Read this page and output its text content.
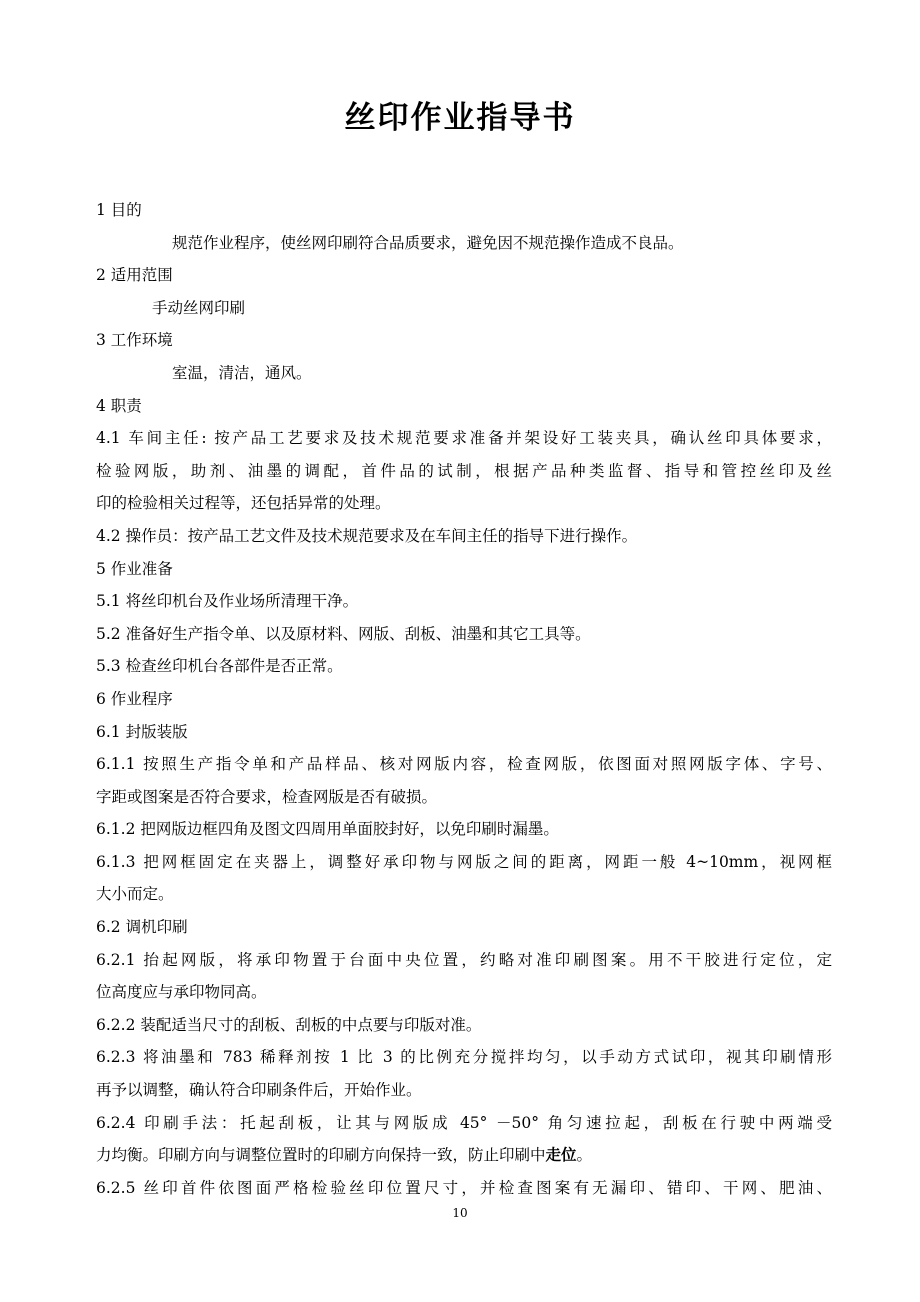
丝印作业指导书
1 目的
规范作业程序，使丝网印刷符合品质要求，避免因不规范操作造成不良品。
2 适用范围
手动丝网印刷
3 工作环境
室温，清洁，通风。
4 职责
4.1 车间主任: 按产品工艺要求及技术规范要求准备并架设好工装夹具，确认丝印具体要求，
检验网版，助剂、油墨的调配，首件品的试制，根据产品种类监督、指导和管控丝印及丝
印的检验相关过程等，还包括异常的处理。
4.2 操作员：按产品工艺文件及技术规范要求及在车间主任的指导下进行操作。
5 作业准备
5.1 将丝印机台及作业场所清理干净。
5.2 准备好生产指令单、以及原材料、网版、刮板、油墨和其它工具等。
5.3 检查丝印机台各部件是否正常。
6 作业程序
6.1 封版装版
6.1.1 按照生产指令单和产品样品、核对网版内容，检查网版，依图面对照网版字体、字号、
字距或图案是否符合要求，检查网版是否有破损。
6.1.2 把网版边框四角及图文四周用单面胶封好，以免印刷时漏墨。
6.1.3 把网框固定在夹器上，调整好承印物与网版之间的距离，网距一般 4~10mm，视网框
大小而定。
6.2 调机印刷
6.2.1 抬起网版，将承印物置于台面中央位置，约略对准印刷图案。用不干胶进行定位，定
位高度应与承印物同高。
6.2.2 装配适当尺寸的刮板、刮板的中点要与印版对准。
6.2.3 将油墨和 783 稀释剂按 1 比 3 的比例充分搅拌均匀，以手动方式试印，视其印刷情形
再予以调整，确认符合印刷条件后，开始作业。
6.2.4 印刷手法：托起刮板，让其与网版成 45° －50° 角匀速拉起，刮板在行驶中两端受
力均衡。印刷方向与调整位置时的印刷方向保持一致，防止印刷中走位。
6.2.5 丝印首件依图面严格检验丝印位置尺寸，并检查图案有无漏印、错印、干网、肥油、
10
